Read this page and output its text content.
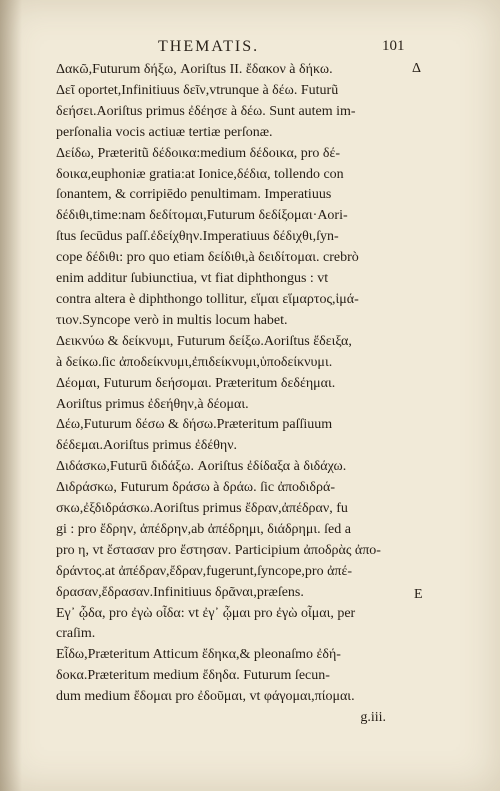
THEMATIS.	101
Δ
E
Δακῶ,Futurum δήξω, Aoriſtus II. ἔδακον à δήκω.
Δεῖ oportet,Infinitiuus δεῖν,vtrunque à δέω. Futurũ
δεήσει.Aoriſtus primus ἐδέησε à δέω. Sunt autem im-
perſonalia vocis actiuæ tertiæ perſonæ.
Δείδω, Præteritũ δέδοικα:medium δέδοικα, pro δέ-
δοικα,euphoniæ gratia:at Ionice,δέδια, tollendo con
ſonantem, & corripiēdo penultimam. Imperatiuus
δέδιθι,time:nam δεδίτομαι,Futurum δεδίξομαι·Aori-
ſtus ſecūdus paſſ.ἐδείχθην.Imperatiuus δέδιχθι,ſyn-
cope δέδιθι: pro quo etiam δείδιθι,à δειδίτομαι. crebrò
enim additur ſubiunctiua, vt fiat diphthongus : vt
contra altera è diphthongo tollitur, εἵμαι εἵμαρτος,ἱμά-
τιον.Syncope verò in multis locum habet.
Δεικνύω & δείκνυμι, Futurum δείξω.Aoriſtus ἔδειξα,
à δείκω.ſic ἀποδείκνυμι,ἐπιδείκνυμι,ὑποδείκνυμι.
Δέομαι, Futurum δεήσομαι. Præteritum δεδέημαι.
Aoriſtus primus ἐδεήθην,à δέομαι.
Δέω,Futurum δέσω & δήσω.Præteritum paſſiuum
δέδεμαι.Aoriſtus primus ἐδέθην.
Διδάσκω,Futurū διδάξω. Aoriſtus ἐδίδαξα à διδάχω.
Διδράσκω, Futurum δράσω à δράω. ſic ἀποδιδρά-
σκω,ἐξδιδράσκω.Aoriſtus primus ἔδραν,ἀπέδραν, fu
gi : pro ἔδρην, ἀπέδρην,ab ἀπέδρημι, διάδρημι. ſed a
pro η, vt ἔστασαν pro ἔστησαν. Participium ἀποδρὰς ἀπο-
δράντος.at ἀπέδραν,ἔδραν,fugerunt,ſyncope,pro ἀπέ-
δρασαν,ἔδρασαν.Infinitiuus δρᾶναι,præſens.
Εγ᾽ ᾧδα, pro ἐγὼ οἶδα: vt ἐγ᾽ ᾦμαι pro ἐγὼ οἶμαι, per
craſim.
Εἶδω,Præteritum Atticum ἔδηκα,& pleonaſmo ἐδή-
δοκα.Præteritum medium ἔδηδα. Futurum ſecun-
dum medium ἔδομαι pro ἐδοῦμαι, vt φάγομαι,πίομαι.
g.iii.
